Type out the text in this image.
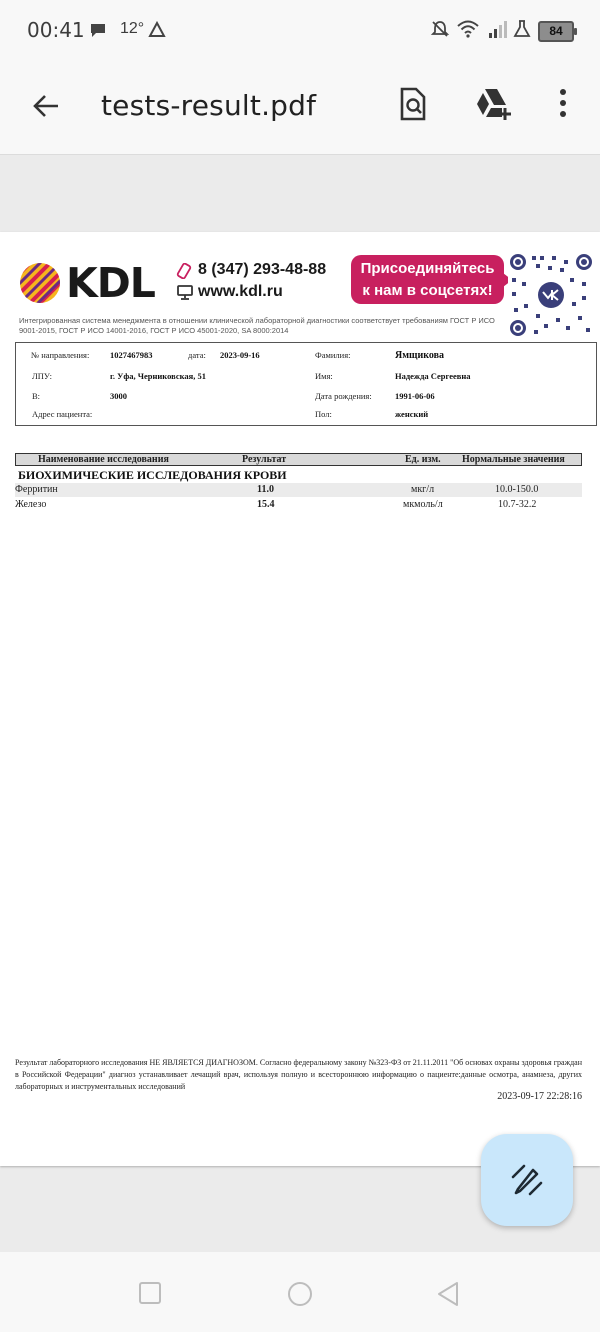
00:41 12°	84
tests-result.pdf
KDL	8 (347) 293-48-88
www.kdl.ru
Присоединяйтесь
к нам в соцсетях!
Интегрированная система менеджмента в отношении клинической лабораторной диагностики соответствует требованиям ГОСТ Р ИСО 9001-2015, ГОСТ Р ИСО 14001-2016, ГОСТ Р ИСО 45001-2020, SA 8000:2014
№ направления: 1027467983	дата: 2023-09-16
ЛПУ:	г. Уфа, Черниковская, 51
В:	3000
Адрес пациента:
Фамилия:	Ямщикова
Имя:	Надежда Сергеевна
Дата рождения:	1991-06-06
Пол:	женский
Наименование исследования	Результат	Ед. изм. Нормальные значения
БИОХИМИЧЕСКИЕ ИССЛЕДОВАНИЯ КРОВИ
Ферритин	11.0	мкг/л	10.0-150.0
Железо	15.4	мкмоль/л	10.7-32.2
Результат лабораторного исследования НЕ ЯВЛЯЕТСЯ ДИАГНОЗОМ. Согласно федеральному закону №323-ФЗ от 21.11.2011 "Об основах охраны здоровья граждан в Российской Федерации" диагноз устанавливает лечащий врач, используя полную и всестороннюю информацию о пациенте:данные осмотра, анамнеза, других лабораторных и инструментальных исследований
2023-09-17 22:28:16
